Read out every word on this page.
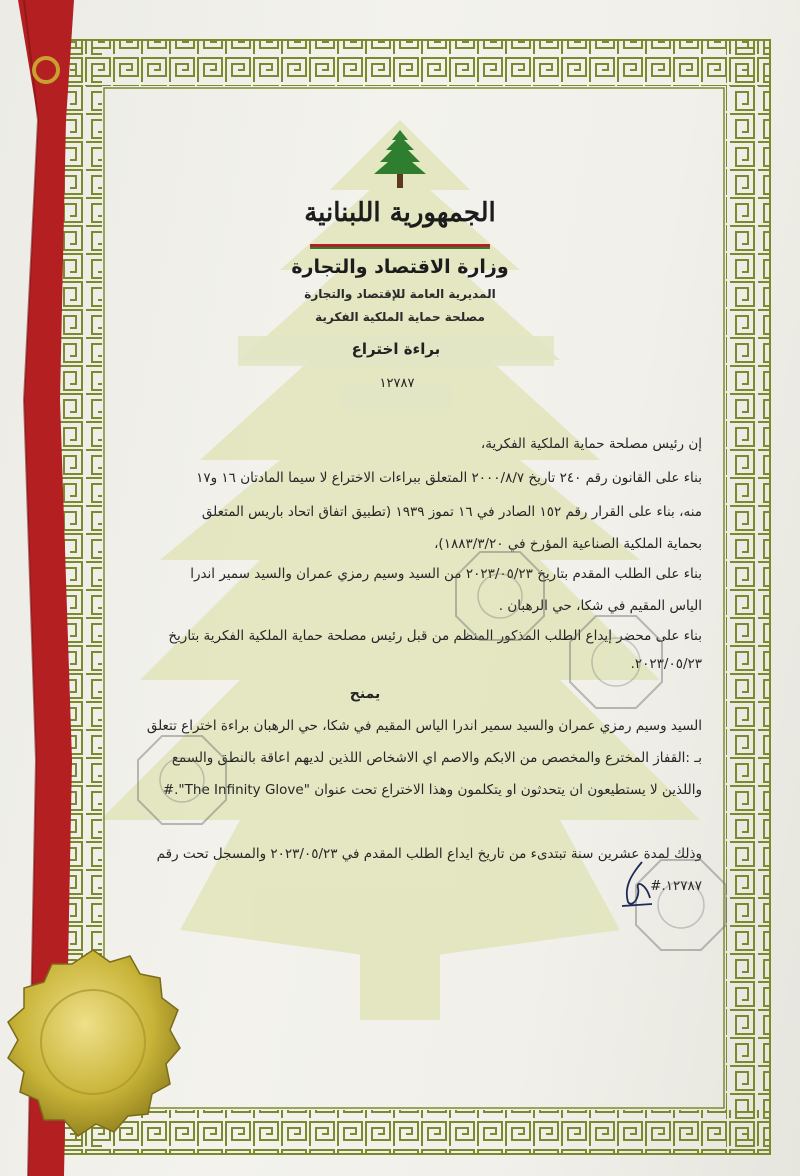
الجمهورية اللبنانية
وزارة الاقتصاد والتجارة
المديرية العامة للإقتصاد والتجارة
مصلحة حماية الملكية الفكرية
براءة اختراع
١٢٧٨٧
إن رئيس مصلحة حماية الملكية الفكرية،
بناء على القانون رقم ٢٤٠ تاريخ ٢٠٠٠/٨/٧ المتعلق ببراءات الاختراع لا سيما المادتان ١٦ و١٧
منه، بناء على القرار رقم ١٥٢ الصادر في ١٦ تموز ١٩٣٩ (تطبيق اتفاق اتحاد باريس المتعلق
بحماية الملكية الصناعية المؤرخ في ١٨٨٣/٣/٢٠)،
بناء على الطلب المقدم بتاريخ ٢٠٢٣/٠٥/٢٣ من السيد وسيم رمزي عمران والسيد سمير اندرا
الياس المقيم في شكا، حي الرهبان .
بناء على محضر إيداع الطلب المذكور المنظم من قبل رئيس مصلحة حماية الملكية الفكرية بتاريخ
٢٠٢٣/٠٥/٢٣.
يمنح
السيد وسيم رمزي عمران والسيد سمير اندرا الياس المقيم في شكا، حي الرهبان براءة اختراع تتعلق
بـ :القفاز المخترع والمخصص من الابكم والاصم اي الاشخاص اللذين لديهم اعاقة بالنطق والسمع
واللذين لا يستطيعون ان يتحدثون او يتكلمون وهذا الاختراع تحت عنوان "The Infinity Glove".#
وذلك لمدة عشرين سنة تبتدىء من تاريخ ايداع الطلب المقدم في ٢٠٢٣/٠٥/٢٣ والمسجل تحت رقم
١٢٧٨٧.#
